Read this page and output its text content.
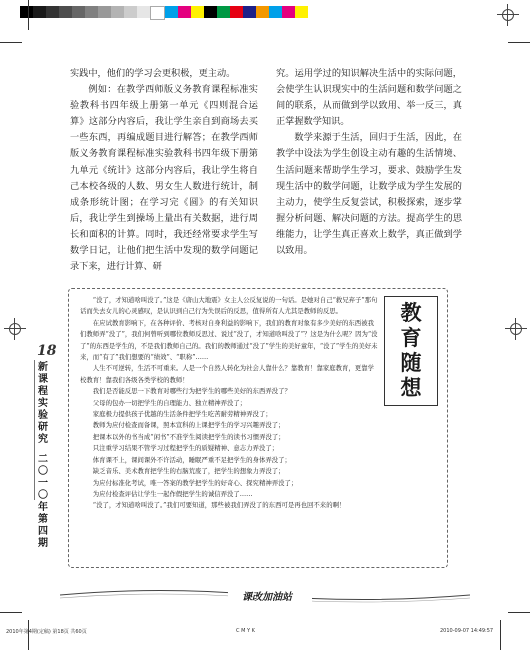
实践中，他们的学习会更积极，更主动。

例如：在教学西师版义务教育课程标准实验教科书四年级上册第一单元《四则混合运算》这部分内容后，我让学生亲自到商场去买一些东西，再编成题目进行解答；在教学西师版义务教育课程标准实验教科书四年级下册第九单元《统计》这部分内容后，我让学生将自己本校各级的人数、男女生人数进行统计，制成条形统计图；在学习完《圆》的有关知识后，我让学生到操场上量出有关数据，进行周长和面积的计算。同时，我还经常要求学生写数学日记，让他们把生活中发现的数学问题记录下来，进行计算、研

究。运用学过的知识解决生活中的实际问题，会使学生认识现实中的生活问题和数学问题之间的联系，从而做到学以致用、举一反三，真正掌握数学知识。

数学来源于生活，回归于生活，因此，在教学中设法为学生创设主动有趣的生活情境、生活问题来帮助学生学习，要求、鼓励学生发现生活中的数学问题，让数学成为学生发展的主动力，使学生反复尝试，积极探索，逐步掌握分析问题、解决问题的方法。提高学生的思维能力，让学生真正喜欢上数学，真正做到学以致用。

18
新课程实验研究
二〇一〇年 第四期

“没了，才知道啥叫没了。”这是《唐山大地震》女主人公反复说的一句话。是她对自己“救兄弃子”那句话而失去女儿的心灵感叹，是认识到自己行为失误后的反思，值得所有人尤其是教师的反思。

在应试教育影响下，在各种评价、考核对自身利益的影响下，我们的教育对象有多少美好的东西被我们教师弄“没了”，我们何曾听到哪位教师反思过、说过“没了，才知道啥叫没了”？这是为什么呢？因为“没了”的东西是学生的，不是我们教师自己的。我们的教师通过“没了”学生的美好童年，“没了”学生的美好未来，而“有了”我们想要的“绩效”、“职称”……

人生不可逆转，生活不可重来。人是一个自然人转化为社会人靠什么？靠教育！靠家庭教育，更靠学校教育！靠我们各级各类学校的教师！

我们是否能反思一下教育对哪些行为把学生的哪些美好的东西弄没了？

父母的包办一切把学生的自理能力、独立精神弄没了；

家庭极力提供孩子优越的生活条件把学生吃苦耐劳精神弄没了；

教师为应付检查而备课，照本宣科的上课把学生的学习兴趣弄没了；

把课本以外的书当成“闲书”不准学生阅读把学生的读书习惯弄没了；

只注重学习结果不管学习过程把学生的质疑精神、意志力弄没了；

体育课不上，课间课外不许活动，睡眠严重不足把学生的身体弄没了；

缺乏音乐、美术教育把学生的右脑荒废了，把学生的想象力弄没了；

为应付标准化考试，唯一答案的教学把学生的好奇心、探究精神弄没了；

为应付检查评估让学生一起作假把学生的诚信弄没了……

“没了，才知道啥叫没了。”我们可要知道，那些被我们弄没了的东西可是再也回不来的啊！

教
育
随
想
课改加油站
2010年第4期(定稿) 第18页 共60页	C M Y K	2010-09-07 14:49:57
